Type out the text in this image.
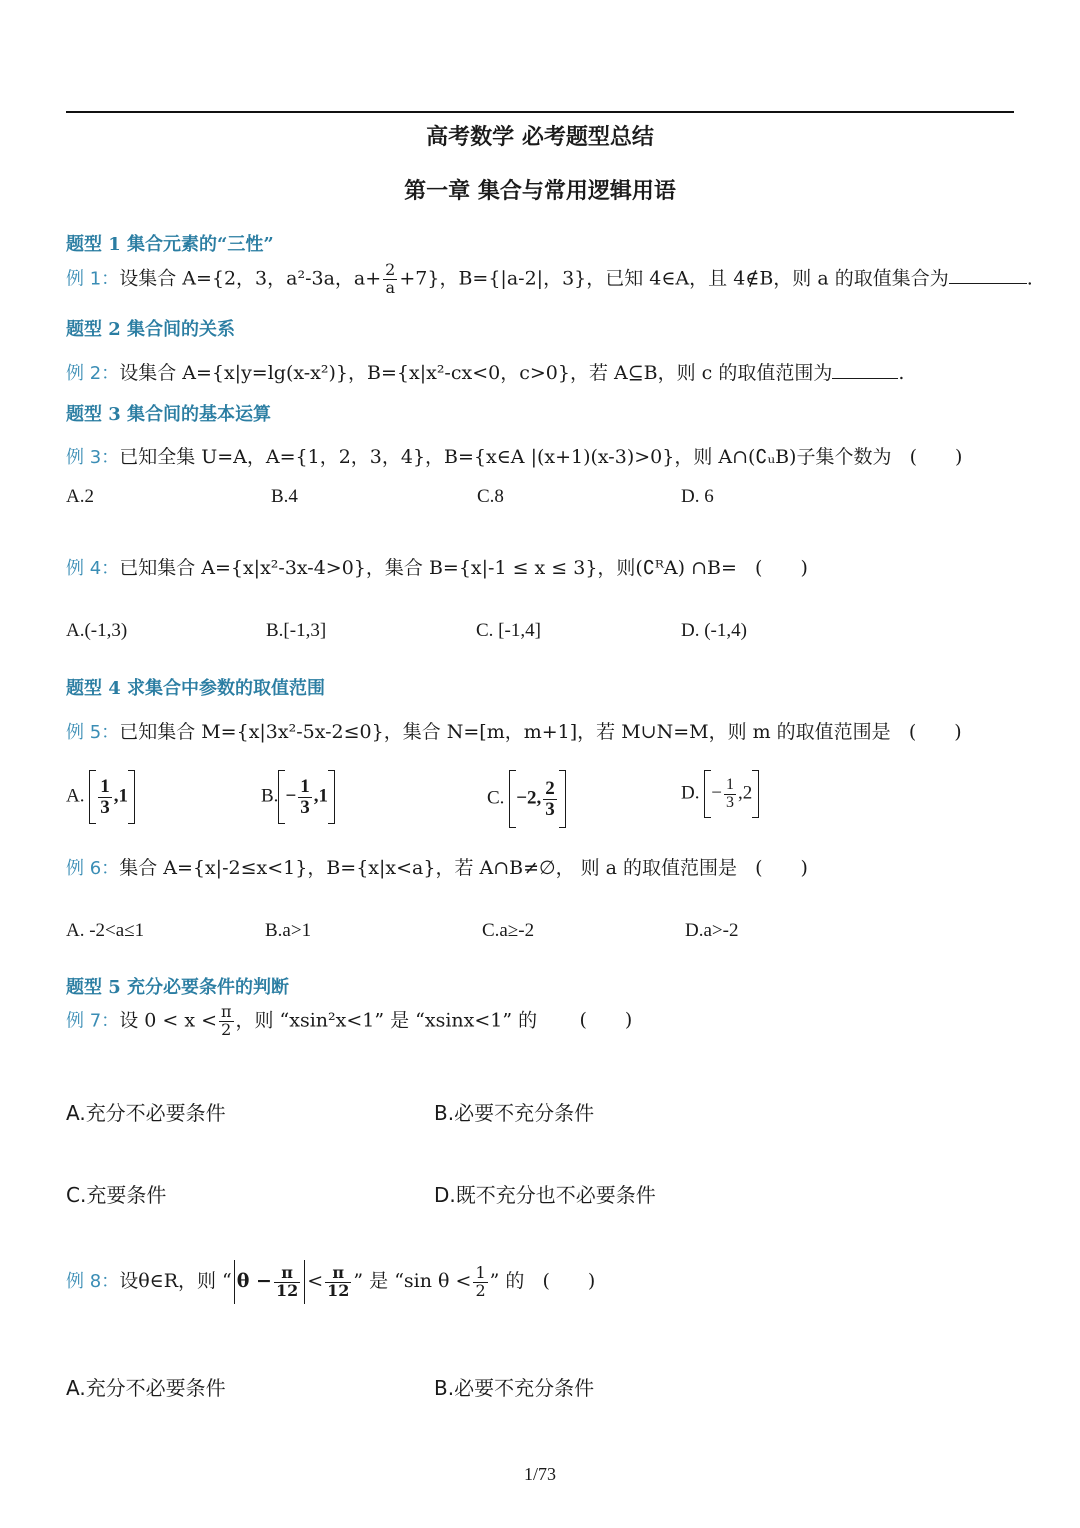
高考数学 必考题型总结
第一章 集合与常用逻辑用语
题型 1 集合元素的“三性”
例 1：设集合 A={2，3，a²-3a，$a+ \frac{2}{a} +7$}，B={|a-2|，3}，已知 4∈A，且 4∉B，则 a 的取值集合为	.
题型 2 集合间的关系
例 2：设集合 A={x|y=lg(x-x²)}，B={x|x²-cx<0，c>0}，若 A⊆B，则 c 的取值范围为	.
题型 3 集合间的基本运算
例 3：已知全集 U=A，A={1，2，3，4}，B={x∈A |(x+1)(x-3)>0}，则 A∩(∁ᵤB)子集个数为 (　　)
A.2	B.4	C.8	D. 6
例 4：已知集合 A={x|x²-3x-4>0}，集合 B={x|-1 ≤ x ≤ 3}，则(∁ᴿA) ∩B= (　　)
A.(-1,3)	B.[-1,3]	C. [-1,4]	D. (-1,4)
题型 4 求集合中参数的取值范围
例 5：已知集合 M={x|3x²-5x-2≤0}，集合 N=[m，m+1]，若 M∪N=M，则 m 的取值范围是 (　　)
A. $\frac{1}{3} ,1$	B. − $\frac{1}{3} ,1$	C. −2, $\frac{2}{3}$	D. − $\frac{1}{3} ,2$
例 6：集合 A={x|-2≤x<1}，B={x|x<a}，若 A∩B≠∅， 则 a 的取值范围是 (　　)
A. -2<a≤1	B.a>1	C.a≥-2	D.a>-2
题型 5 充分必要条件的判断
例 7：设 $0 < x < \frac{\pi}{2}$ ，则 “xsin²x<1” 是 “xsinx<1” 的 (　　)
A.充分不必要条件	B.必要不充分条件
C.充要条件	D.既不充分也不必要条件
例 8：设θ∈R，则 “ $\theta - \frac{\pi}{12} < \frac{\pi}{12}$ ” 是 “sin $\theta < \frac{1}{2}$ ” 的 (　　)
A.充分不必要条件	B.必要不充分条件
1/73
